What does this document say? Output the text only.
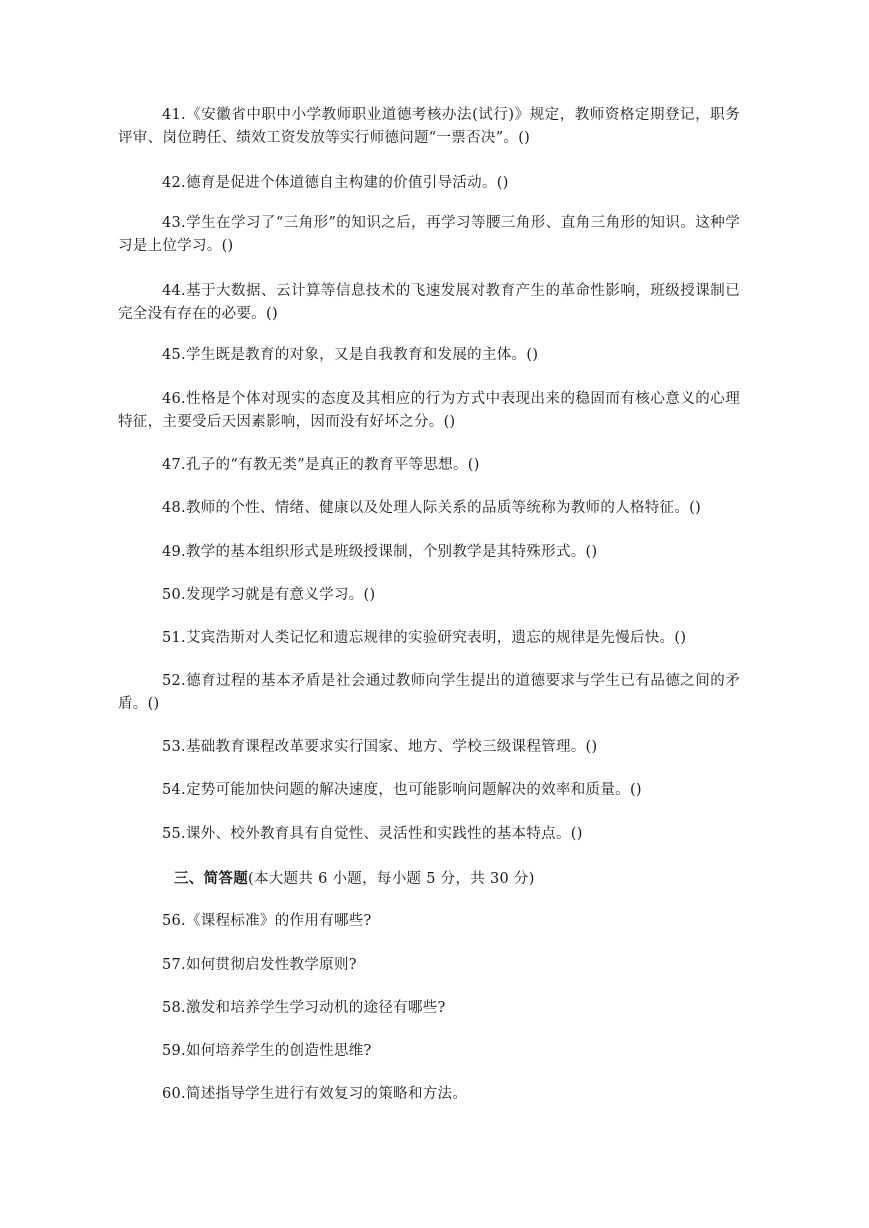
41.《安徽省中职中小学教师职业道德考核办法(试行)》规定，教师资格定期登记，职务评审、岗位聘任、绩效工资发放等实行师德问题“一票否决”。()

42.德育是促进个体道德自主构建的价值引导活动。()

43.学生在学习了“三角形”的知识之后，再学习等腰三角形、直角三角形的知识。这种学习是上位学习。()

44.基于大数据、云计算等信息技术的飞速发展对教育产生的革命性影响，班级授课制已完全没有存在的必要。()

45.学生既是教育的对象，又是自我教育和发展的主体。()

46.性格是个体对现实的态度及其相应的行为方式中表现出来的稳固而有核心意义的心理特征，主要受后天因素影响，因而没有好坏之分。()

47.孔子的“有教无类”是真正的教育平等思想。()

48.教师的个性、情绪、健康以及处理人际关系的品质等统称为教师的人格特征。()

49.教学的基本组织形式是班级授课制，个别教学是其特殊形式。()

50.发现学习就是有意义学习。()

51.艾宾浩斯对人类记忆和遗忘规律的实验研究表明，遗忘的规律是先慢后快。()

52.德育过程的基本矛盾是社会通过教师向学生提出的道德要求与学生已有品德之间的矛盾。()

53.基础教育课程改革要求实行国家、地方、学校三级课程管理。()

54.定势可能加快问题的解决速度，也可能影响问题解决的效率和质量。()

55.课外、校外教育具有自觉性、灵活性和实践性的基本特点。()

三、简答题(本大题共 6 小题，每小题 5 分，共 30 分)

56.《课程标准》的作用有哪些?

57.如何贯彻启发性教学原则?

58.激发和培养学生学习动机的途径有哪些?

59.如何培养学生的创造性思维?

60.简述指导学生进行有效复习的策略和方法。
